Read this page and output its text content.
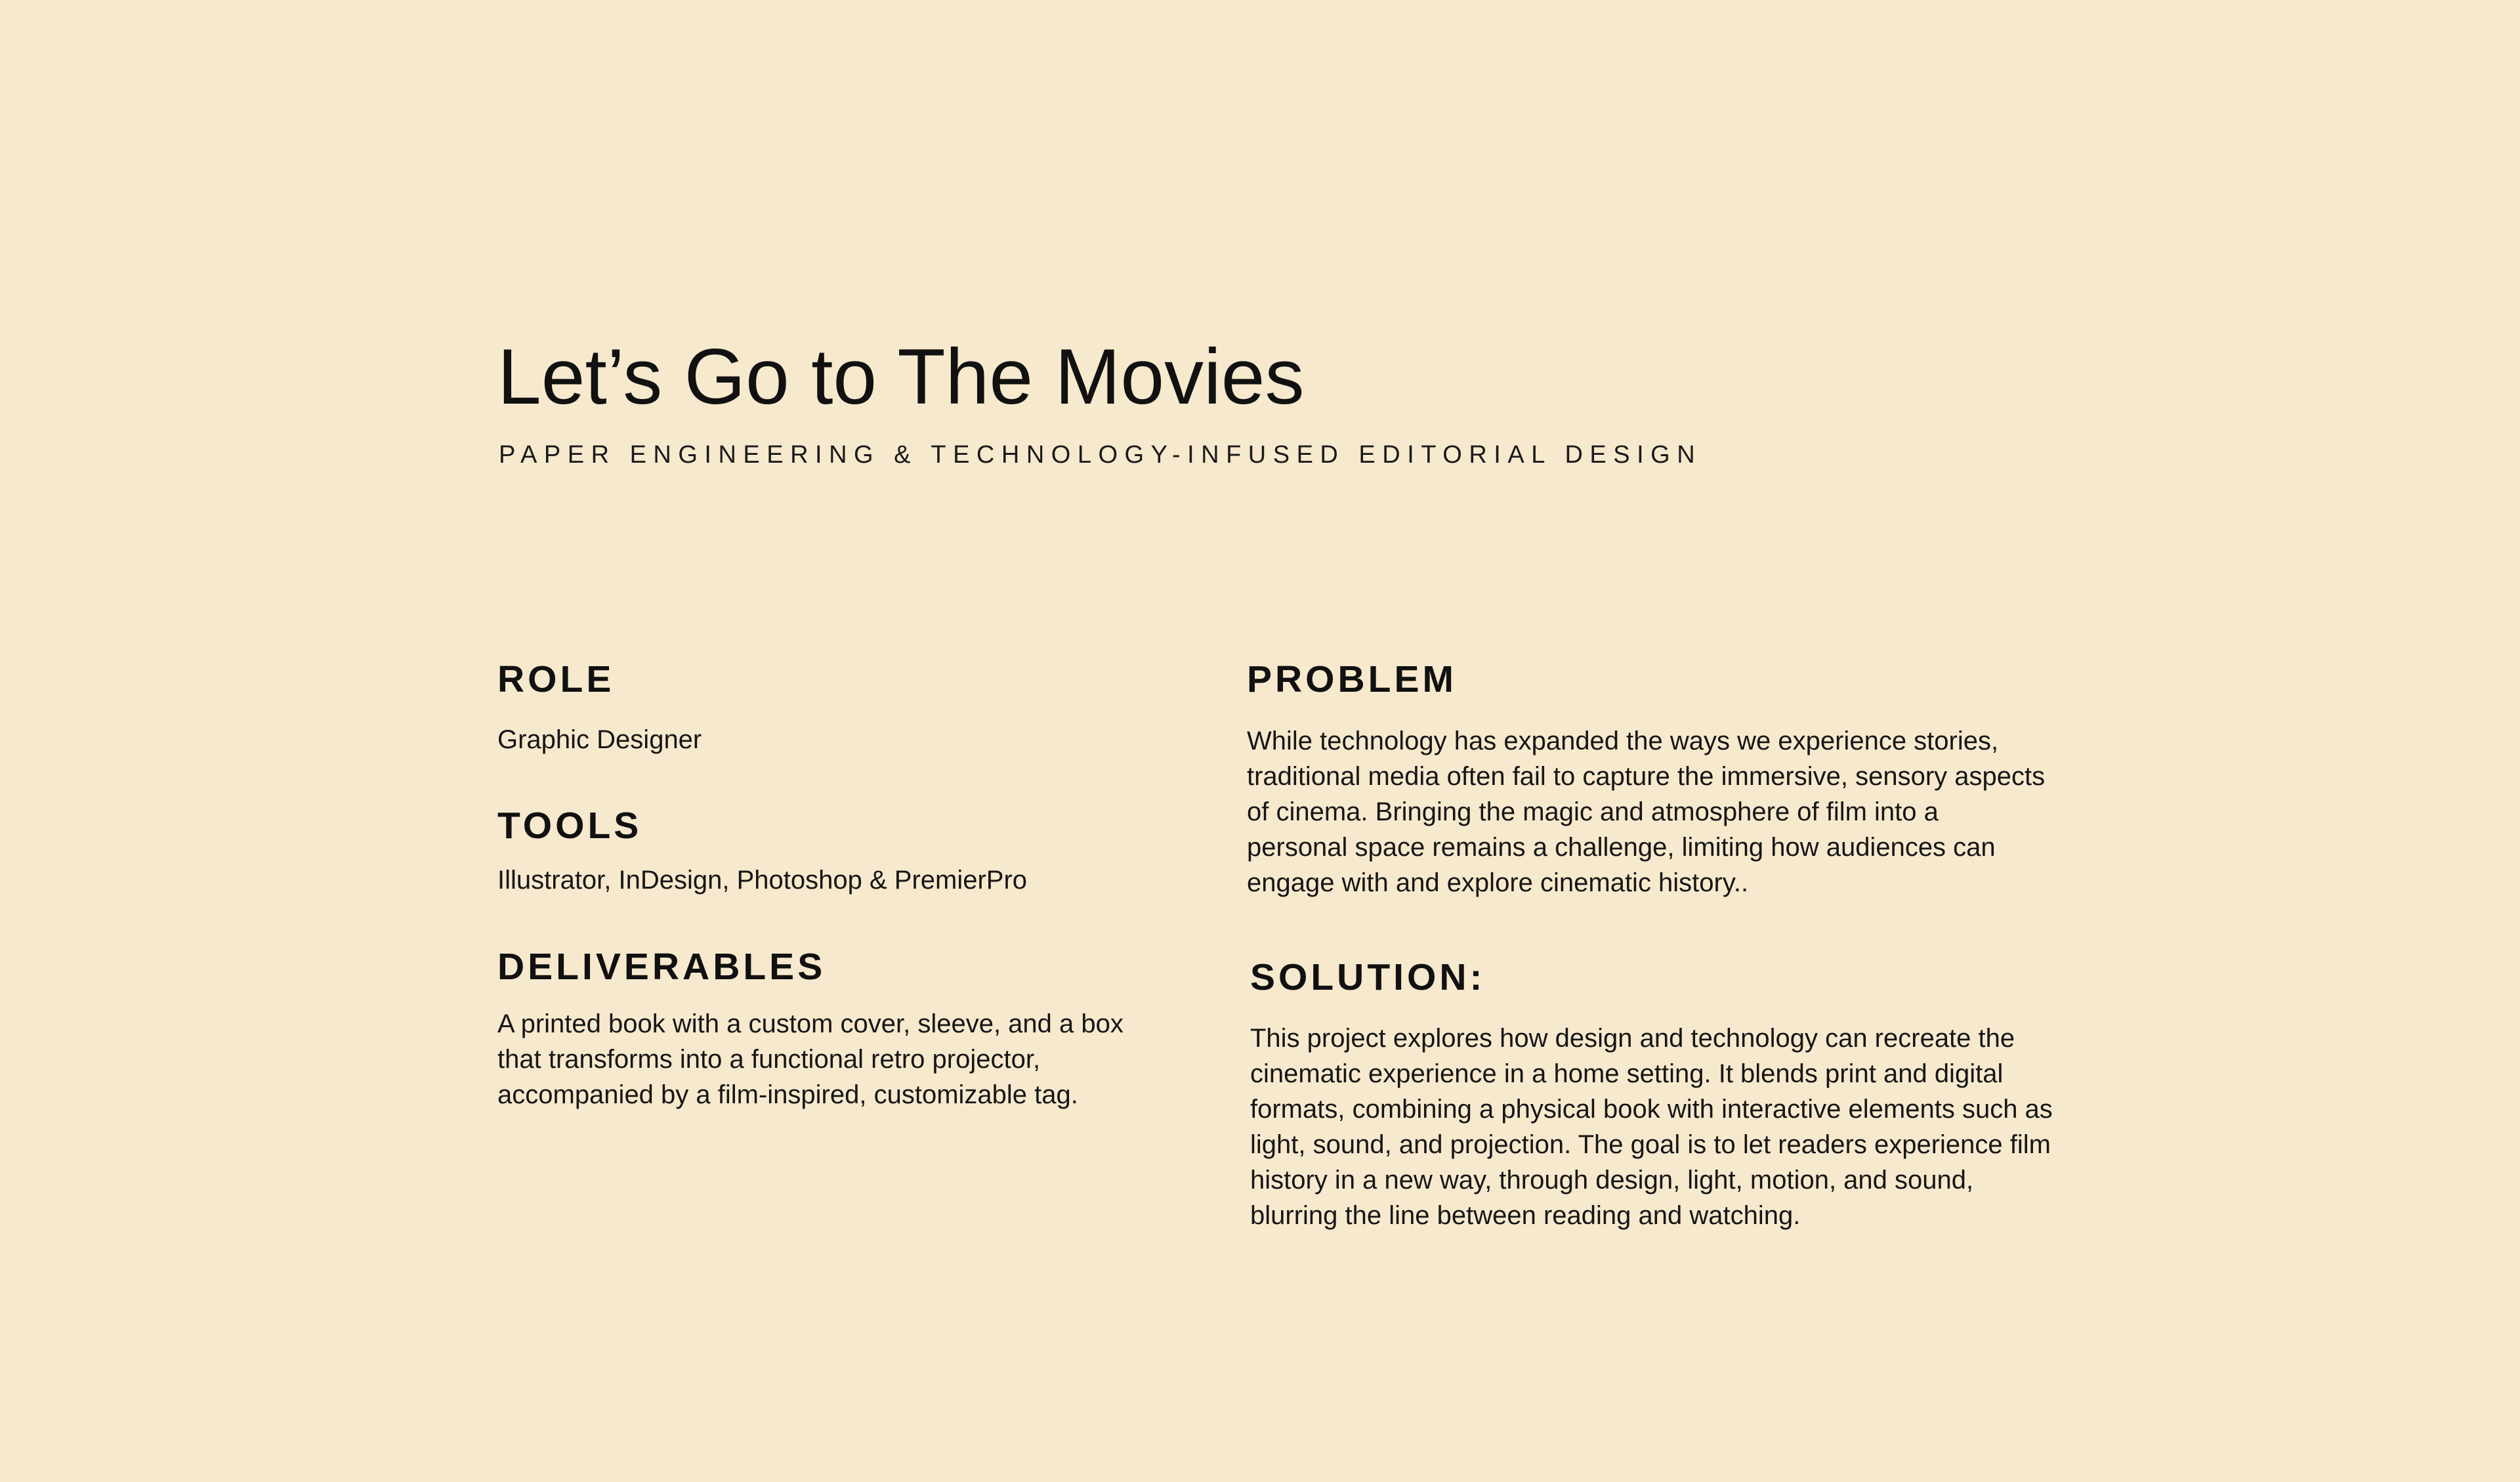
Let’s Go to The Movies

PAPER ENGINEERING & TECHNOLOGY-INFUSED EDITORIAL DESIGN

ROLE

Graphic Designer

TOOLS

Illustrator, InDesign, Photoshop & PremierPro

DELIVERABLES

A printed book with a custom cover, sleeve, and a box
that transforms into a functional retro projector,
accompanied by a film-inspired, customizable tag.

PROBLEM

While technology has expanded the ways we experience stories,
traditional media often fail to capture the immersive, sensory aspects
of cinema. Bringing the magic and atmosphere of film into a
personal space remains a challenge, limiting how audiences can
engage with and explore cinematic history..

SOLUTION:

This project explores how design and technology can recreate the
cinematic experience in a home setting. It blends print and digital
formats, combining a physical book with interactive elements such as
light, sound, and projection. The goal is to let readers experience film
history in a new way, through design, light, motion, and sound,
blurring the line between reading and watching.
